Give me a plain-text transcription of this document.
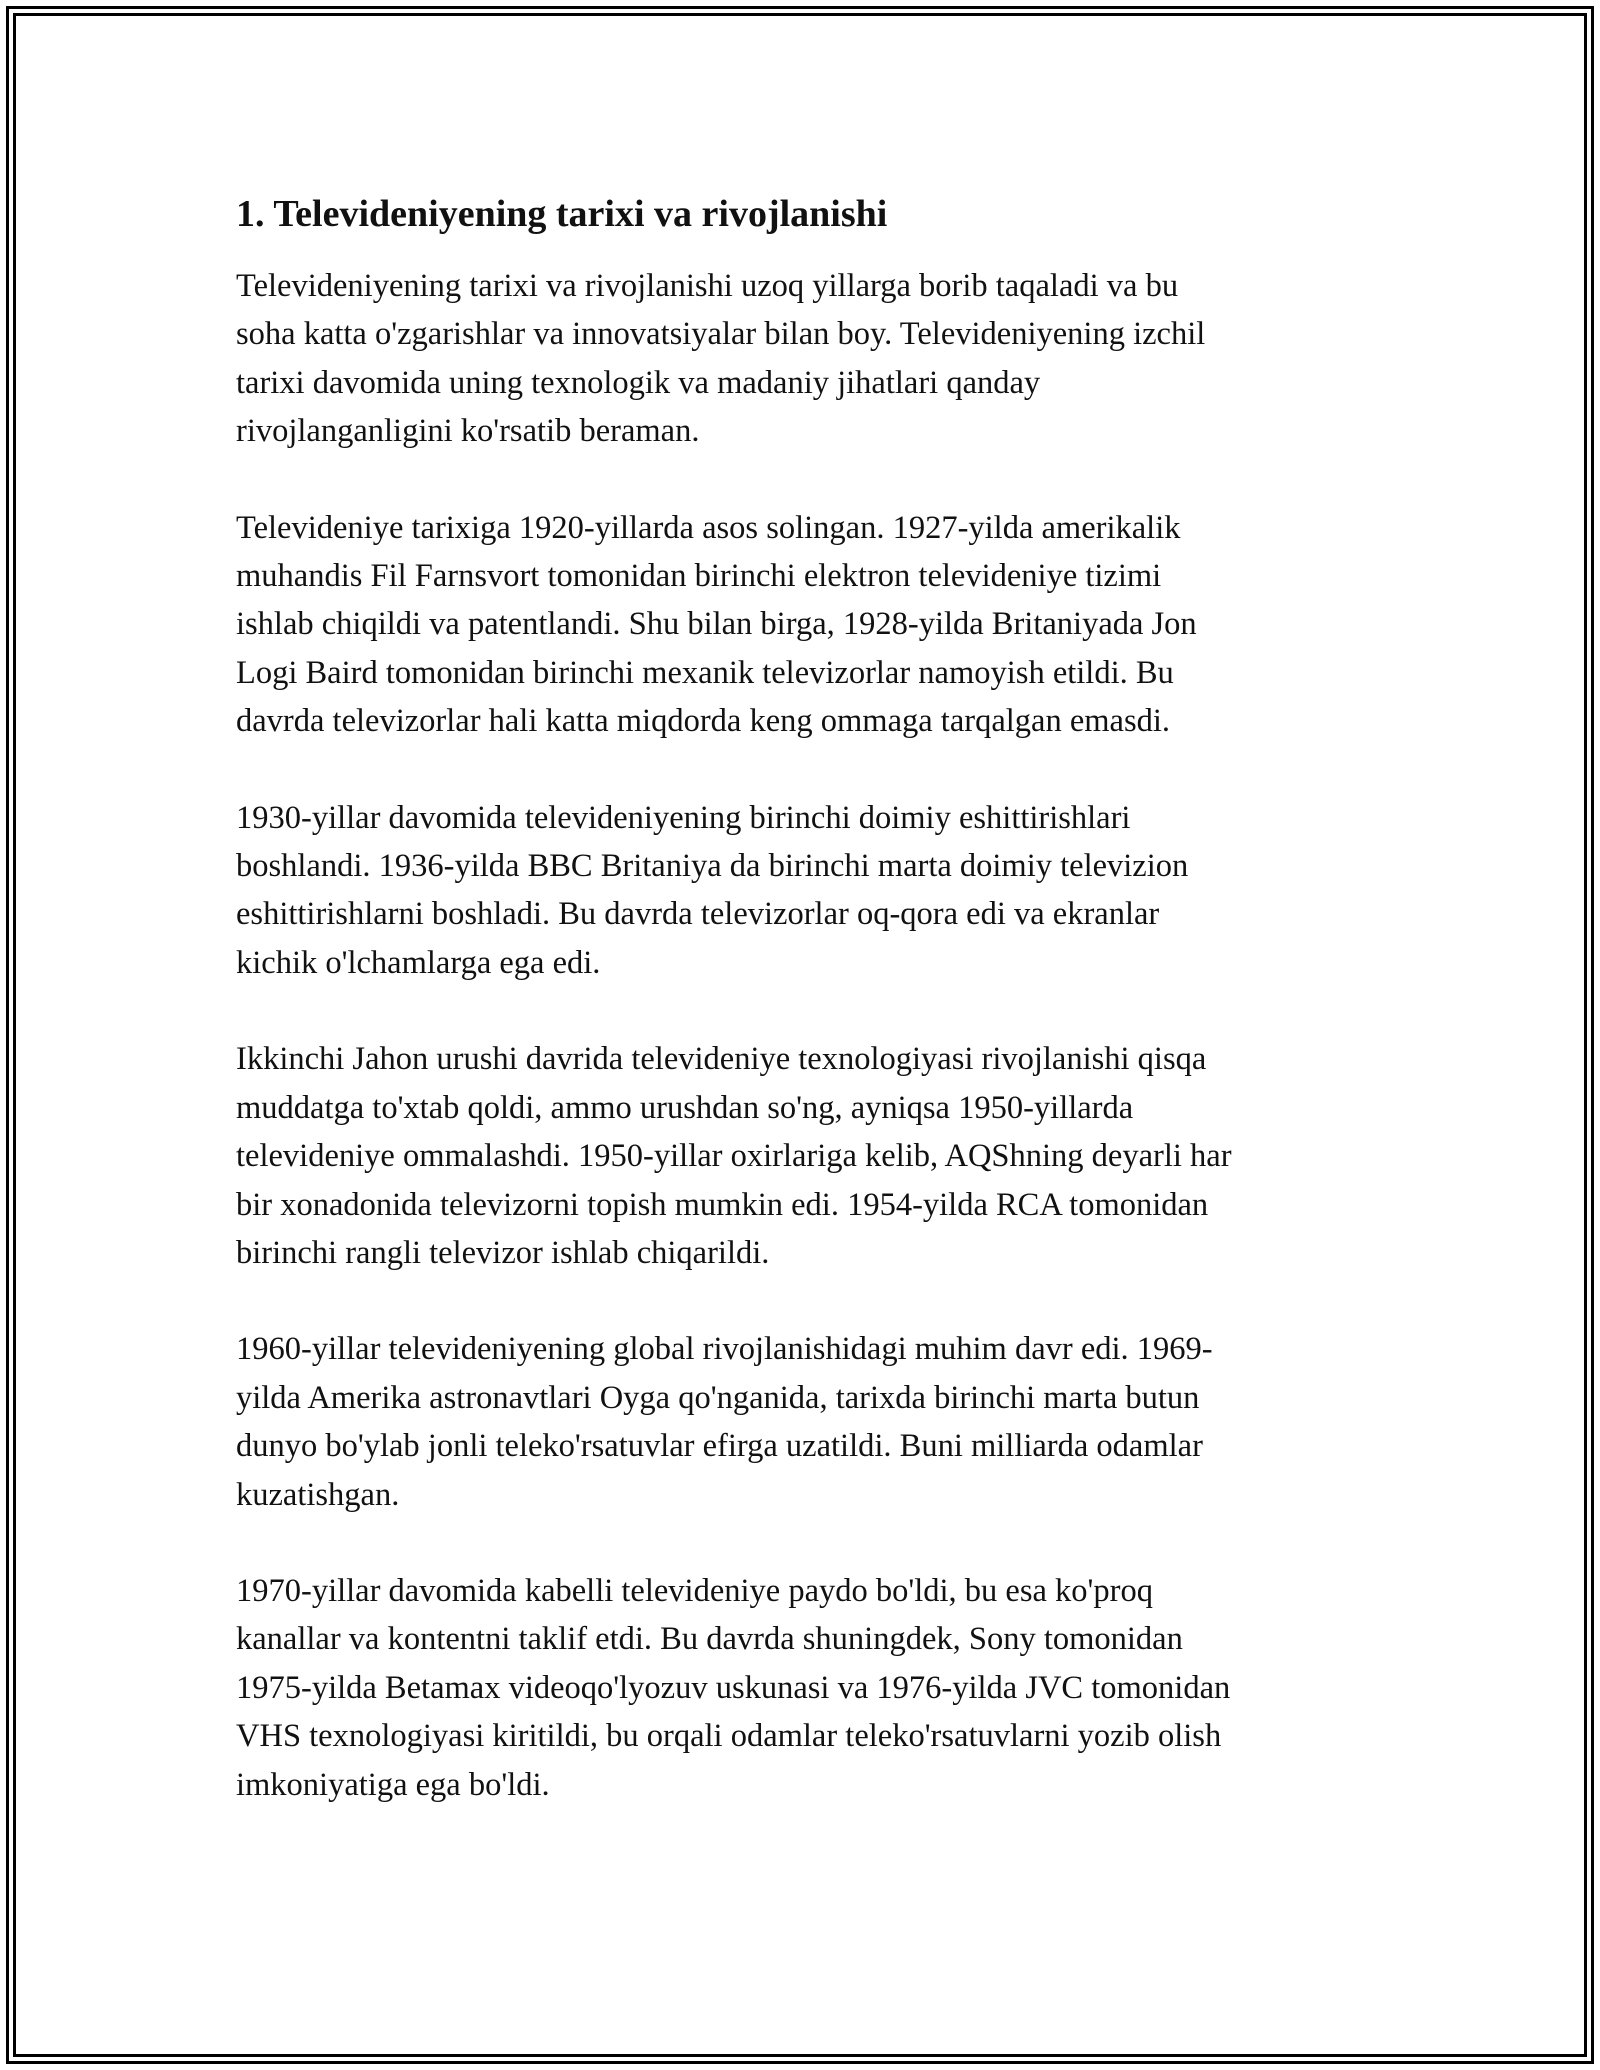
1. Televideniyening tarixi va rivojlanishi

Televideniyening tarixi va rivojlanishi uzoq yillarga borib taqaladi va bu
soha katta o'zgarishlar va innovatsiyalar bilan boy. Televideniyening izchil
tarixi davomida uning texnologik va madaniy jihatlari qanday
rivojlanganligini ko'rsatib beraman.

Televideniye tarixiga 1920-yillarda asos solingan. 1927-yilda amerikalik
muhandis Fil Farnsvort tomonidan birinchi elektron televideniye tizimi
ishlab chiqildi va patentlandi. Shu bilan birga, 1928-yilda Britaniyada Jon
Logi Baird tomonidan birinchi mexanik televizorlar namoyish etildi. Bu
davrda televizorlar hali katta miqdorda keng ommaga tarqalgan emasdi.

1930-yillar davomida televideniyening birinchi doimiy eshittirishlari
boshlandi. 1936-yilda BBC Britaniya da birinchi marta doimiy televizion
eshittirishlarni boshladi. Bu davrda televizorlar oq-qora edi va ekranlar
kichik o'lchamlarga ega edi.

Ikkinchi Jahon urushi davrida televideniye texnologiyasi rivojlanishi qisqa
muddatga to'xtab qoldi, ammo urushdan so'ng, ayniqsa 1950-yillarda
televideniye ommalashdi. 1950-yillar oxirlariga kelib, AQShning deyarli har
bir xonadonida televizorni topish mumkin edi. 1954-yilda RCA tomonidan
birinchi rangli televizor ishlab chiqarildi.

1960-yillar televideniyening global rivojlanishidagi muhim davr edi. 1969-
yilda Amerika astronavtlari Oyga qo'nganida, tarixda birinchi marta butun
dunyo bo'ylab jonli teleko'rsatuvlar efirga uzatildi. Buni milliarda odamlar
kuzatishgan.

1970-yillar davomida kabelli televideniye paydo bo'ldi, bu esa ko'proq
kanallar va kontentni taklif etdi. Bu davrda shuningdek, Sony tomonidan
1975-yilda Betamax videoqo'lyozuv uskunasi va 1976-yilda JVC tomonidan
VHS texnologiyasi kiritildi, bu orqali odamlar teleko'rsatuvlarni yozib olish
imkoniyatiga ega bo'ldi.
